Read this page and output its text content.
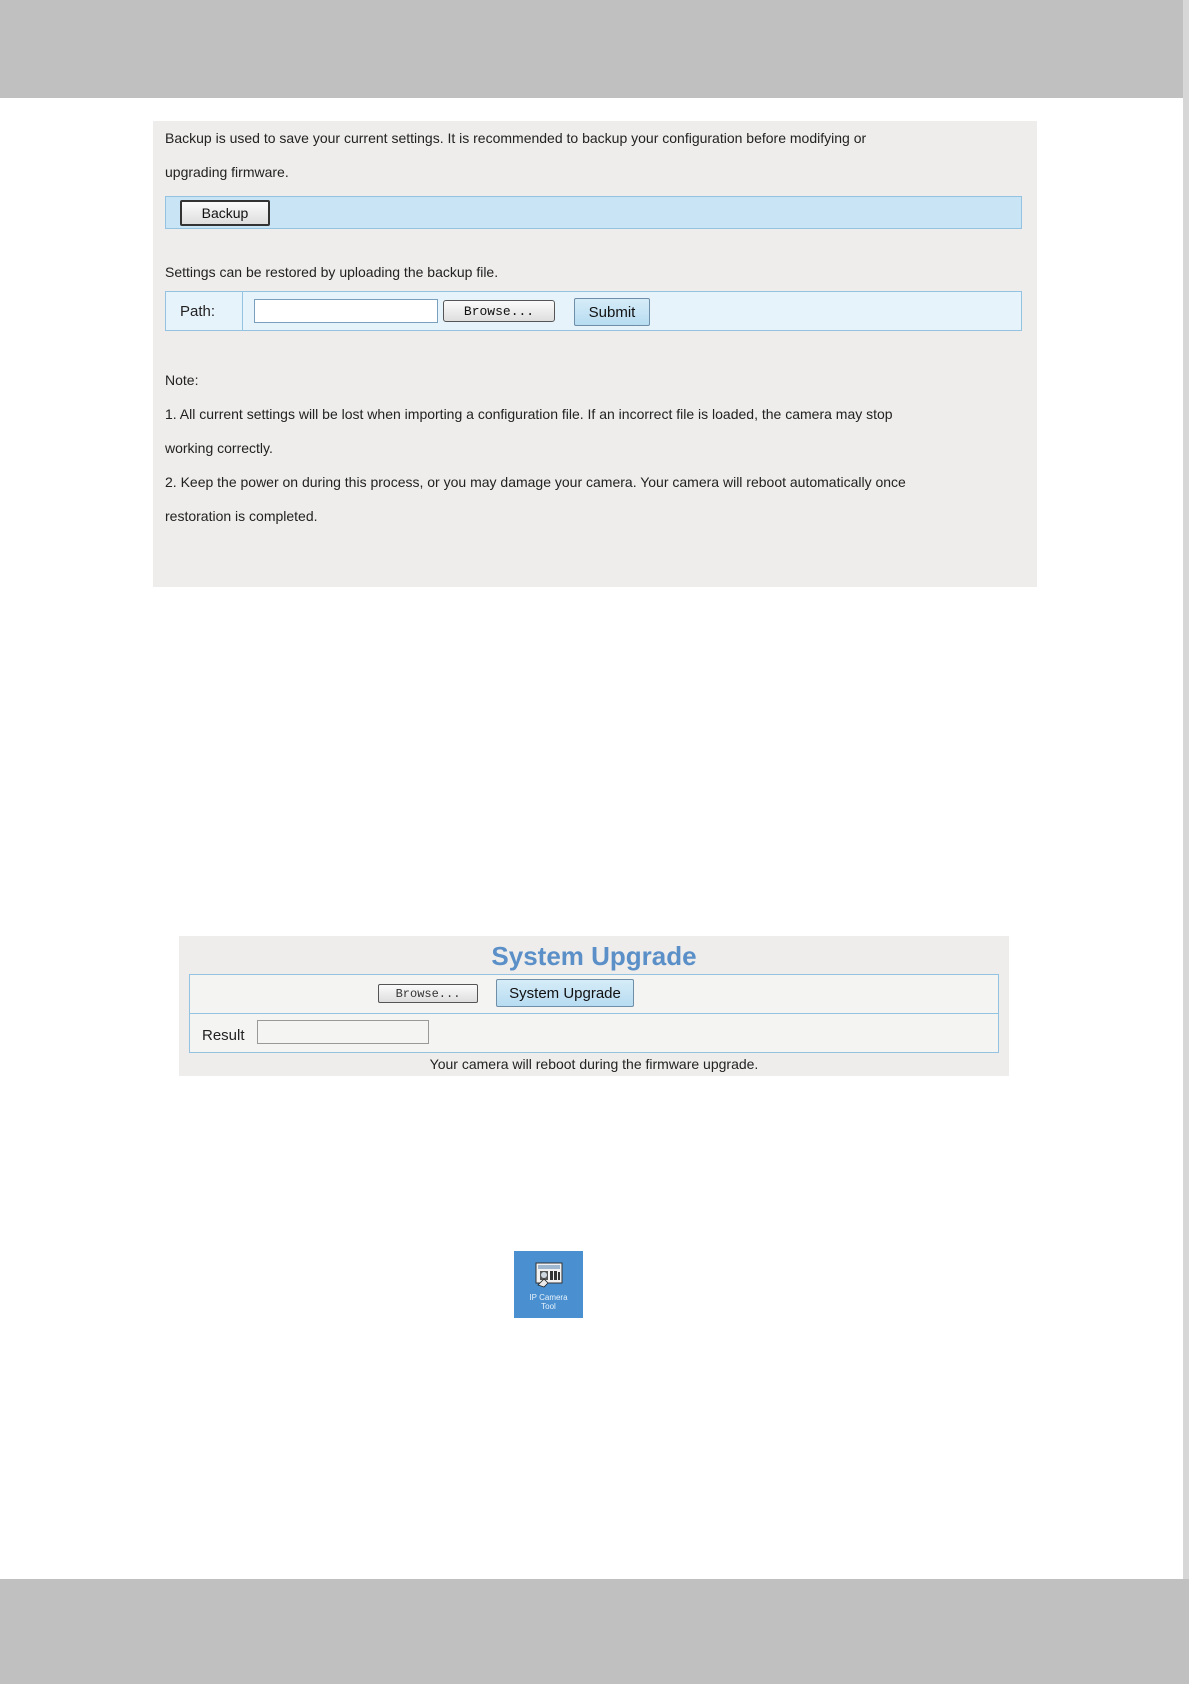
Backup is used to save your current settings. It is recommended to backup your configuration before modifying or
upgrading firmware.
Backup
Settings can be restored by uploading the backup file.
Path:	Browse...	Submit
Note:
1. All current settings will be lost when importing a configuration file. If an incorrect file is loaded, the camera may stop
working correctly.
2. Keep the power on during this process, or you may damage your camera. Your camera will reboot automatically once
restoration is completed.
System Upgrade
Browse...	System Upgrade
Result
Your camera will reboot during the firmware upgrade.
IP Camera
Tool
